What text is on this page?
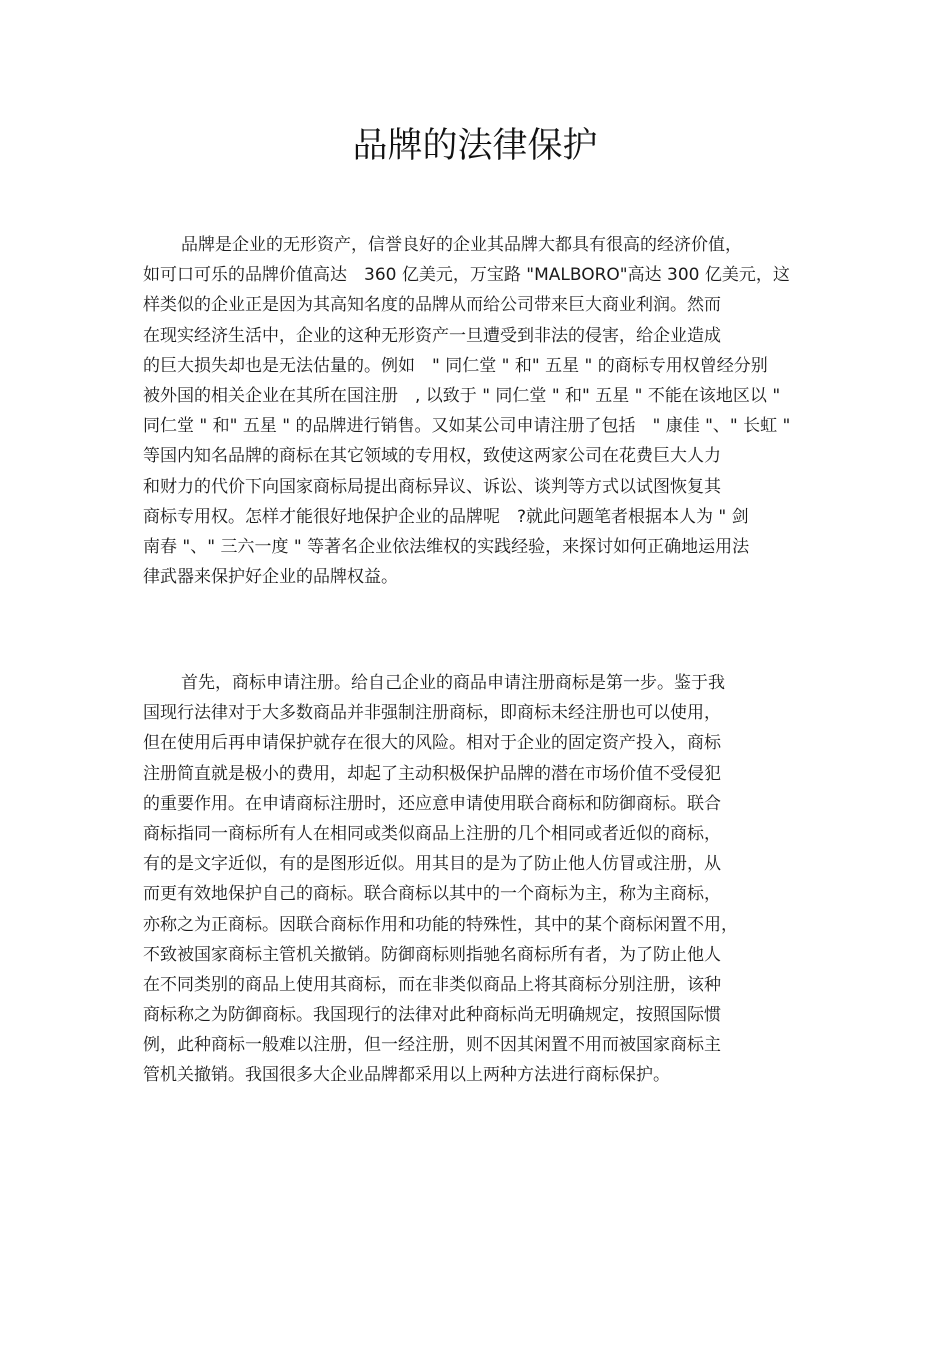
品牌的法律保护
品牌是企业的无形资产，信誉良好的企业其品牌大都具有很高的经济价值，
如可口可乐的品牌价值高达　360 亿美元，万宝路 "MALBORO"高达 300 亿美元，这
样类似的企业正是因为其高知名度的品牌从而给公司带来巨大商业利润。然而
在现实经济生活中，企业的这种无形资产一旦遭受到非法的侵害，给企业造成
的巨大损失却也是无法估量的。例如　" 同仁堂 " 和" 五星 " 的商标专用权曾经分别
被外国的相关企业在其所在国注册　, 以致于 " 同仁堂 " 和" 五星 " 不能在该地区以 "
同仁堂 " 和" 五星 " 的品牌进行销售。又如某公司申请注册了包括　" 康佳 "、" 长虹 "
等国内知名品牌的商标在其它领域的专用权，致使这两家公司在花费巨大人力
和财力的代价下向国家商标局提出商标异议、诉讼、谈判等方式以试图恢复其
商标专用权。怎样才能很好地保护企业的品牌呢　?就此问题笔者根据本人为 " 剑
南春 "、" 三六一度 " 等著名企业依法维权的实践经验，来探讨如何正确地运用法
律武器来保护好企业的品牌权益。
首先，商标申请注册。给自己企业的商品申请注册商标是第一步。鉴于我
国现行法律对于大多数商品并非强制注册商标，即商标未经注册也可以使用，
但在使用后再申请保护就存在很大的风险。相对于企业的固定资产投入，商标
注册简直就是极小的费用，却起了主动积极保护品牌的潜在市场价值不受侵犯
的重要作用。在申请商标注册时，还应意申请使用联合商标和防御商标。联合
商标指同一商标所有人在相同或类似商品上注册的几个相同或者近似的商标，
有的是文字近似，有的是图形近似。用其目的是为了防止他人仿冒或注册，从
而更有效地保护自己的商标。联合商标以其中的一个商标为主，称为主商标，
亦称之为正商标。因联合商标作用和功能的特殊性，其中的某个商标闲置不用，
不致被国家商标主管机关撤销。防御商标则指驰名商标所有者，为了防止他人
在不同类别的商品上使用其商标，而在非类似商品上将其商标分别注册，该种
商标称之为防御商标。我国现行的法律对此种商标尚无明确规定，按照国际惯
例，此种商标一般难以注册，但一经注册，则不因其闲置不用而被国家商标主
管机关撤销。我国很多大企业品牌都采用以上两种方法进行商标保护。
